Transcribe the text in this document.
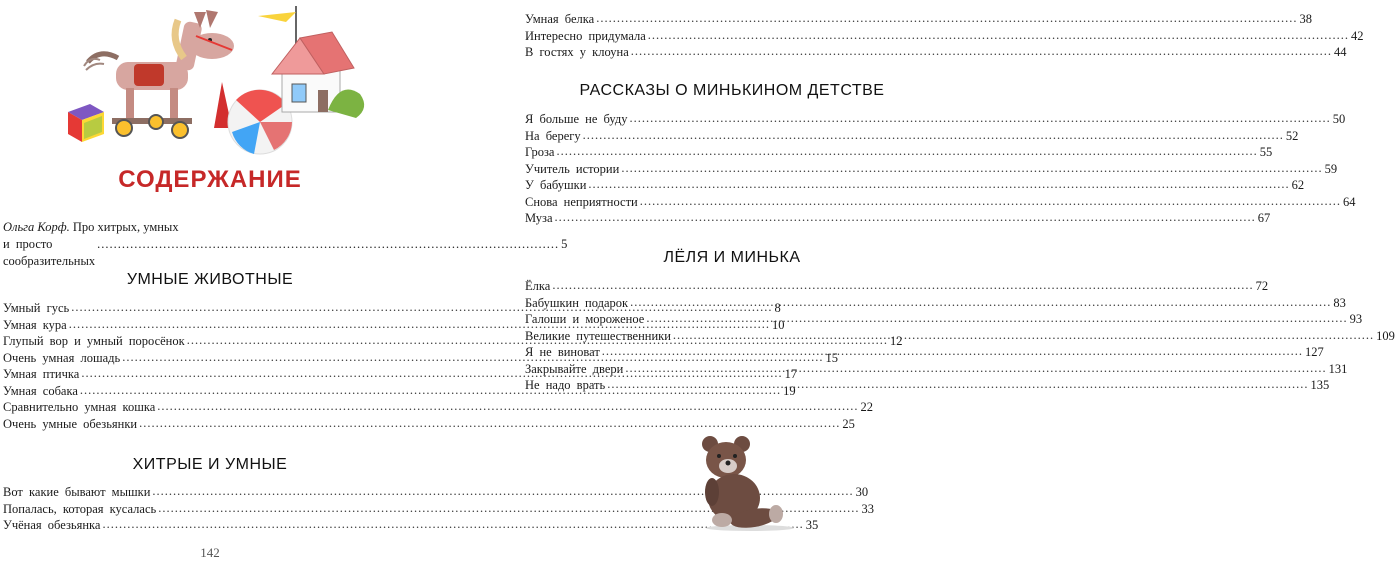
СОДЕРЖАНИЕ
Ольга Корф. Про хитрых, умных
и просто сообразительных
................................................................................................................ 5
УМНЫЕ ЖИВОТНЫЕ
Умный гусь .....	8
Умная кура .....	10
Глупый вор и умный поросёнок .....	12
Очень умная лошадь .....	15
Умная птичка .....	17
Умная собака .....	19
Сравнительно умная кошка .....	22
Очень умные обезьянки .....	25
ХИТРЫЕ И УМНЫЕ
Вот какие бывают мышки .....	30
Попалась, которая кусалась .....	33
Учёная обезьянка .....	35
142
Умная белка .....	38
Интересно придумала .....	42
В гостях у клоуна .....	44
РАССКАЗЫ О МИНЬКИНОМ ДЕТСТВЕ
Я больше не буду .....	50
На берегу .....	52
Гроза .....	55
Учитель истории .....	59
У бабушки .....	62
Снова неприятности .....	64
Муза .....	67
ЛЁЛЯ И МИНЬКА
Ёлка .....	72
Бабушкин подарок .....	83
Галоши и мороженое .....	93
Великие путешественники .....	109
Я не виноват .....	127
Закрывайте двери .....	131
Не надо врать .....	135
